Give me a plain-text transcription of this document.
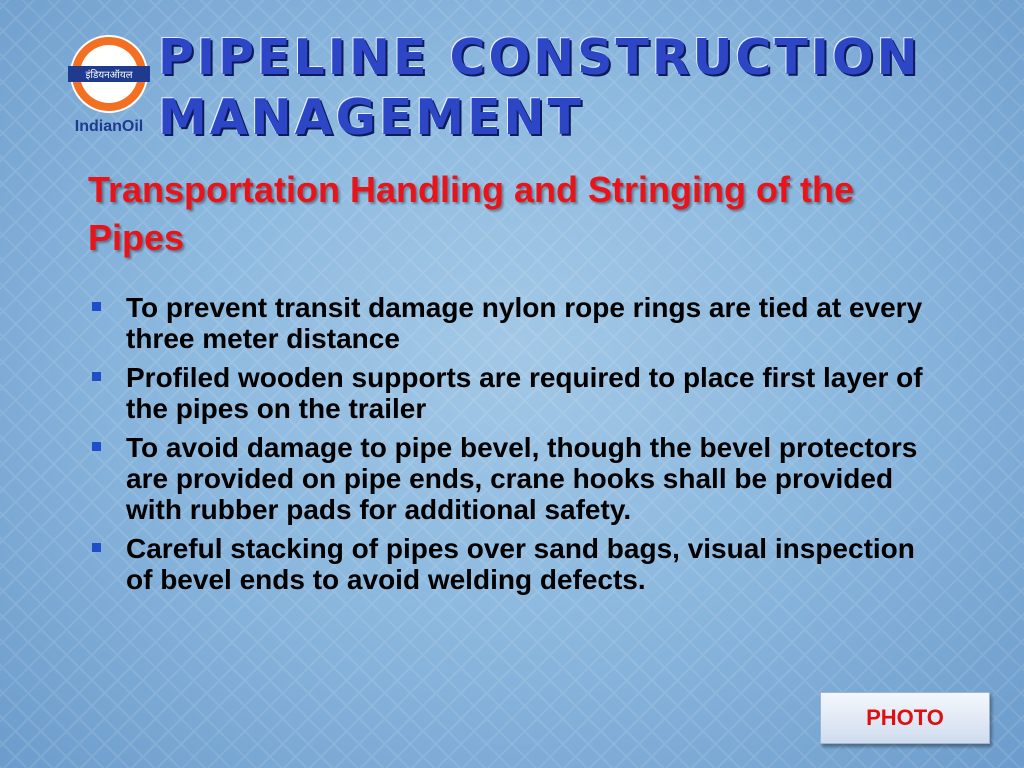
इंडियनऑयल
IndianOil
PIPELINE CONSTRUCTION
MANAGEMENT
Transportation Handling and Stringing of the Pipes
To prevent transit damage nylon rope rings are tied at every three meter distance
Profiled wooden supports are required to place first layer of the pipes on the trailer
To avoid damage to pipe bevel, though the bevel protectors are provided on pipe ends, crane hooks shall be provided with rubber pads for additional safety.
Careful stacking of pipes over sand bags, visual inspection of bevel ends to avoid welding defects.
PHOTO
